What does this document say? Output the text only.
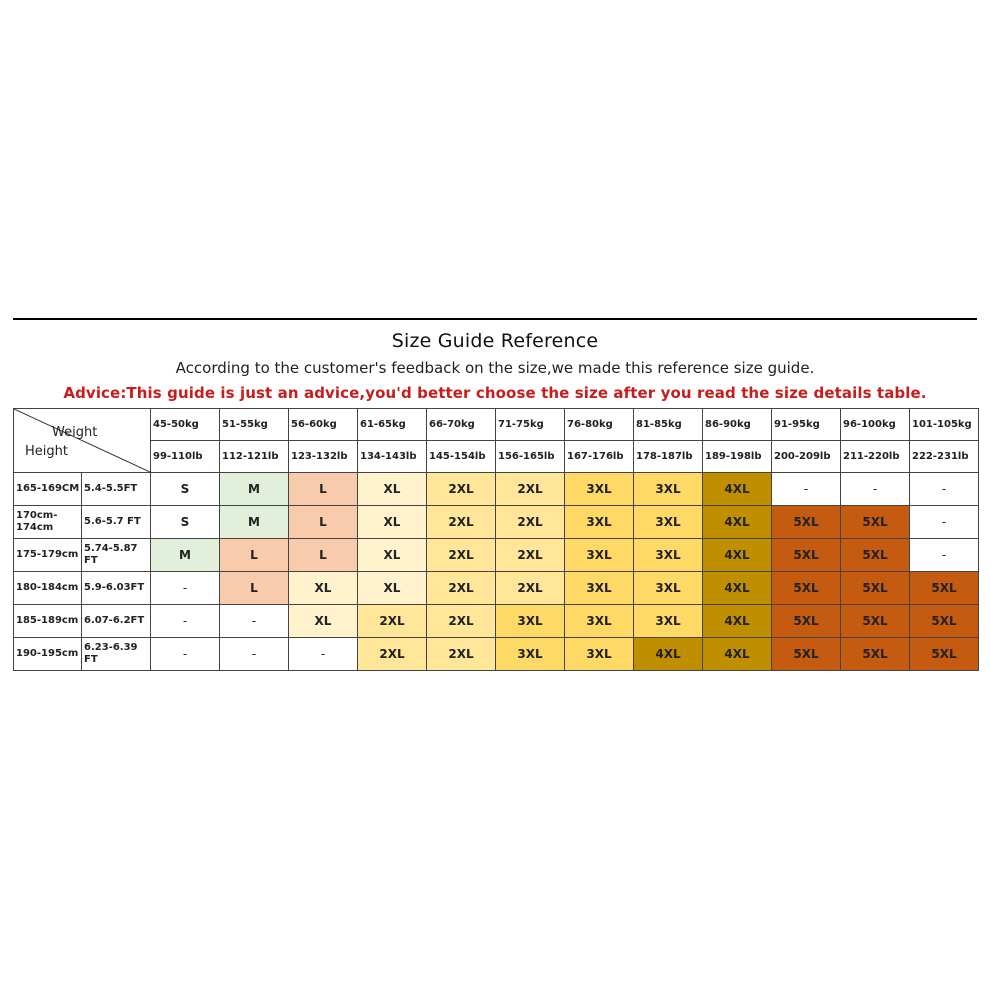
Size Guide Reference
According to the customer's feedback on the size,we made this reference size guide.
Advice:This guide is just an advice,you'd better choose the size after you read the size details table.
Weight
Height		45-50kg	51-55kg	56-60kg	61-65kg	66-70kg	71-75kg	76-80kg	81-85kg	86-90kg	91-95kg	96-100kg	101-105kg
		99-110lb	112-121lb	123-132lb	134-143lb	145-154lb	156-165lb	167-176lb	178-187lb	189-198lb	200-209lb	211-220lb	222-231lb
165-169CM	5.4-5.5FT	S	M	L	XL	2XL	2XL	3XL	3XL	4XL	-	-	-
170cm-174cm	5.6-5.7 FT	S	M	L	XL	2XL	2XL	3XL	3XL	4XL	5XL	5XL	-
175-179cm	5.74-5.87 FT	M	L	L	XL	2XL	2XL	3XL	3XL	4XL	5XL	5XL	-
180-184cm	5.9-6.03FT	-	L	XL	XL	2XL	2XL	3XL	3XL	4XL	5XL	5XL	5XL
185-189cm	6.07-6.2FT	-	-	XL	2XL	2XL	3XL	3XL	3XL	4XL	5XL	5XL	5XL
190-195cm	6.23-6.39 FT	-	-	-	2XL	2XL	3XL	3XL	4XL	4XL	5XL	5XL	5XL
